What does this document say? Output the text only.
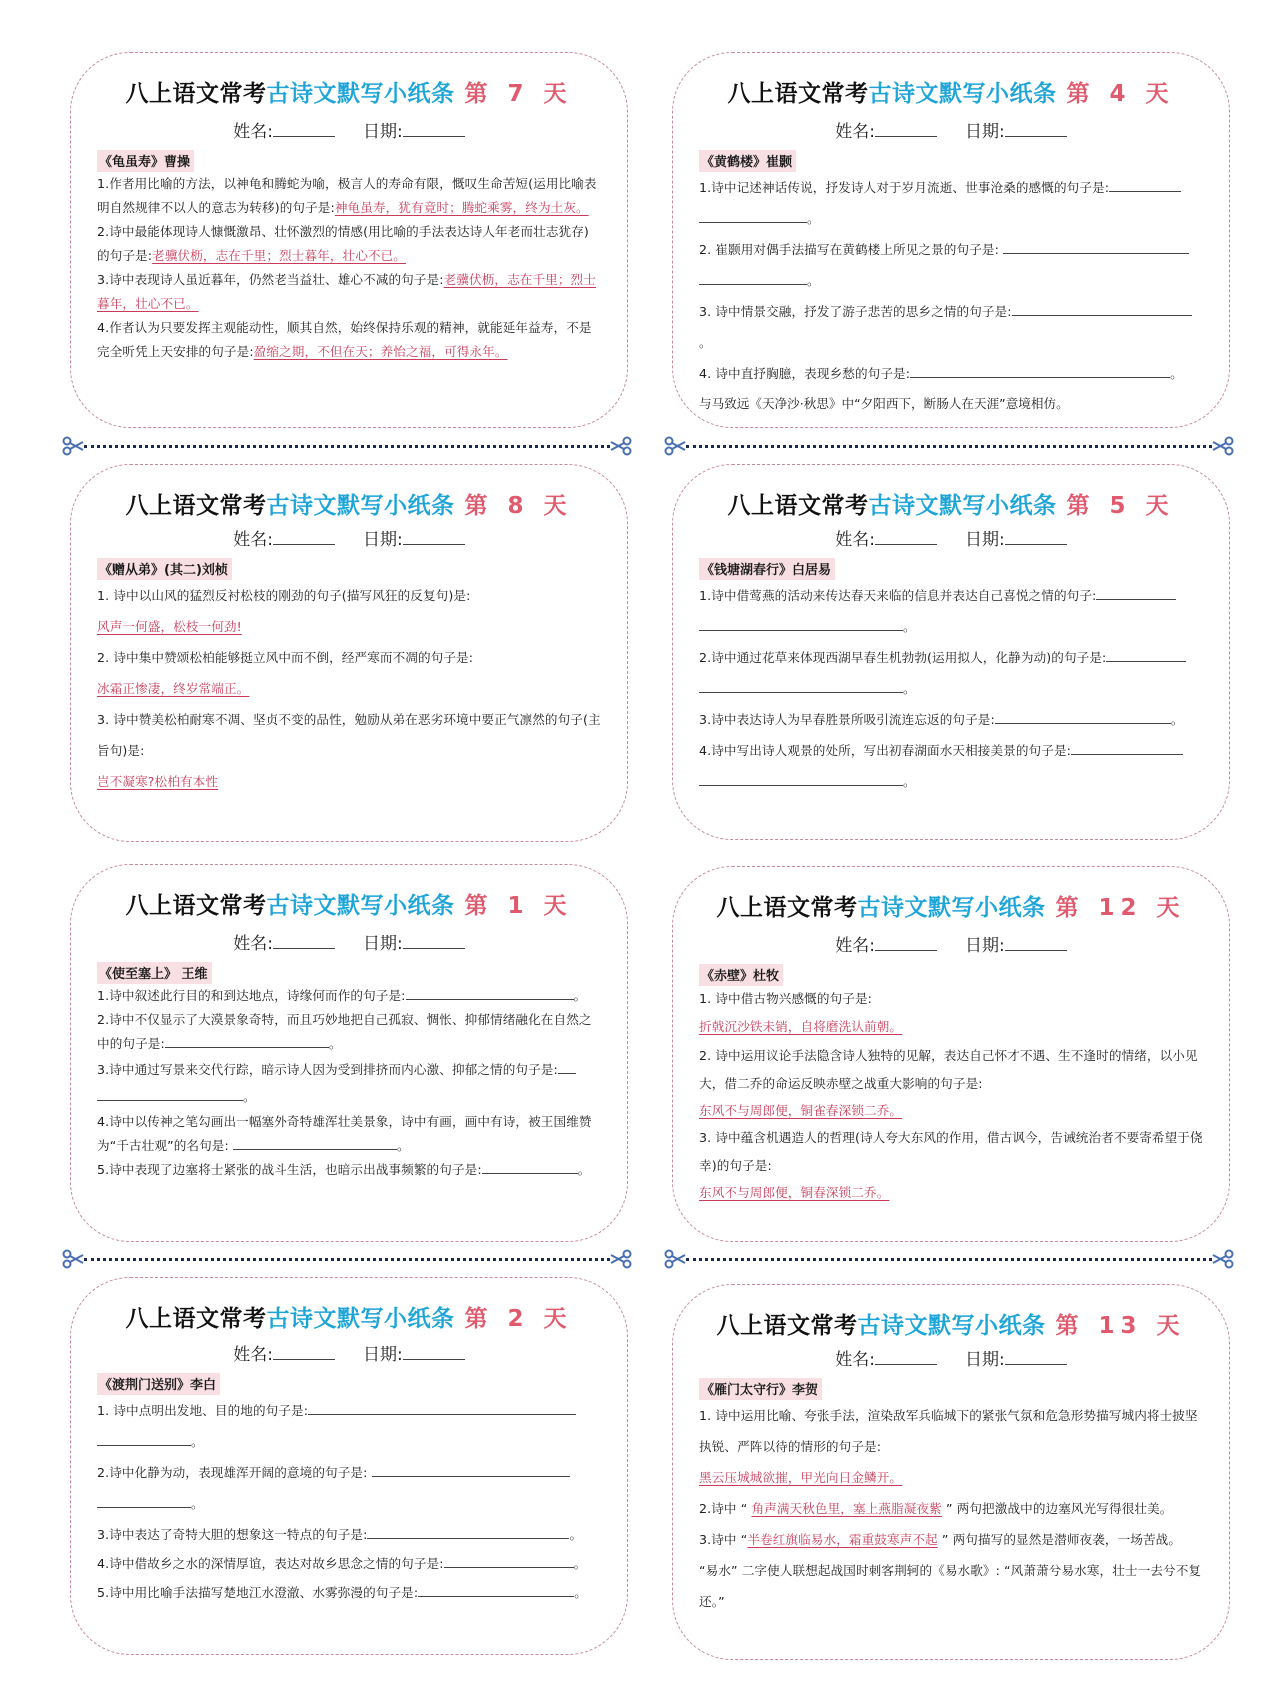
八上语文常考古诗文默写小纸条 第 7 天
姓名:	日期:
《龟虽寿》曹操
1.作者用比喻的方法，以神龟和腾蛇为喻，极言人的寿命有限，慨叹生命苦短(运用比喻表明自然规律不以人的意志为转移)的句子是:神龟虽寿，犹有竟时；腾蛇乘雾，终为土灰。
2.诗中最能体现诗人慷慨激昂、壮怀激烈的情感(用比喻的手法表达诗人年老而壮志犹存)的句子是:老骥伏枥，志在千里；烈士暮年，壮心不已。
3.诗中表现诗人虽近暮年，仍然老当益壮、雄心不减的句子是:老骥伏枥，志在千里；烈士暮年，壮心不已。
4.作者认为只要发挥主观能动性，顺其自然，始终保持乐观的精神，就能延年益寿，不是完全听凭上天安排的句子是:盈缩之期，不但在天；养怡之福，可得永年。
八上语文常考古诗文默写小纸条 第 4 天
姓名:	日期:
《黄鹤楼》崔颢
1.诗中记述神话传说，抒发诗人对于岁月流逝、世事沧桑的感慨的句子是:
。
2. 崔颢用对偶手法描写在黄鹤楼上所见之景的句子是:
。
3. 诗中情景交融，抒发了游子悲苦的思乡之情的句子是:。
4. 诗中直抒胸臆，表现乡愁的句子是:	。
与马致远《天净沙·秋思》中“夕阳西下，断肠人在天涯”意境相仿。
八上语文常考古诗文默写小纸条 第 8 天
姓名:	日期:
《赠从弟》(其二)刘桢
1. 诗中以山风的猛烈反衬松枝的刚劲的句子(描写风狂的反复句)是:
风声一何盛，松枝一何劲!
2. 诗中集中赞颂松柏能够挺立风中而不倒，经严寒而不凋的句子是:
冰霜正惨凄，终岁常端正。
3. 诗中赞美松柏耐寒不凋、坚贞不变的品性，勉励从弟在恶劣环境中要正气凛然的句子(主旨句)是:
岂不凝寒?松柏有本性
八上语文常考古诗文默写小纸条 第 5 天
姓名:	日期:
《钱塘湖春行》白居易
1.诗中借莺燕的活动来传达春天来临的信息并表达自己喜悦之情的句子:
。
2.诗中通过花草来体现西湖早春生机勃勃(运用拟人，化静为动)的句子是:
。
3.诗中表达诗人为早春胜景所吸引流连忘返的句子是:	。
4.诗中写出诗人观景的处所，写出初春湖面水天相接美景的句子是:
。
八上语文常考古诗文默写小纸条 第 1 天
姓名:	日期:
《使至塞上》 王维
1.诗中叙述此行目的和到达地点，诗缘何而作的句子是:	。
2.诗中不仅显示了大漠景象奇特，而且巧妙地把自己孤寂、惆怅、抑郁情绪融化在自然之中的句子是:	。
3.诗中通过写景来交代行踪，暗示诗人因为受到排挤而内心激、抑郁之情的句子是:
。
4.诗中以传神之笔勾画出一幅塞外奇特雄浑壮美景象，诗中有画，画中有诗，被王国维赞为“千古壮观”的名句是:	。
5.诗中表现了边塞将士紧张的战斗生活，也暗示出战事频繁的句子是:	。
八上语文常考古诗文默写小纸条 第 12 天
姓名:	日期:
《赤壁》杜牧
1. 诗中借古物兴感慨的句子是:
折戟沉沙铁未销，自将磨洗认前朝。
2. 诗中运用议论手法隐含诗人独特的见解，表达自己怀才不遇、生不逢时的情绪，以小见大，借二乔的命运反映赤壁之战重大影响的句子是:
东风不与周郎便，铜雀春深锁二乔。
3. 诗中蕴含机遇造人的哲理(诗人夸大东风的作用，借古讽今，告诫统治者不要寄希望于侥幸)的句子是:
东风不与周郎便，铜春深锁二乔。
八上语文常考古诗文默写小纸条 第 2 天
姓名:	日期:
《渡荆门送别》李白
1. 诗中点明出发地、目的地的句子是:
。
2.诗中化静为动，表现雄浑开阔的意境的句子是:
。
3.诗中表达了奇特大胆的想象这一特点的句子是:	。
4.诗中借故乡之水的深情厚谊，表达对故乡思念之情的句子是:	。
5.诗中用比喻手法描写楚地江水澄澈、水雾弥漫的句子是:	。
八上语文常考古诗文默写小纸条 第 13 天
姓名:	日期:
《雁门太守行》李贺
1. 诗中运用比喻、夸张手法，渲染敌军兵临城下的紧张气氛和危急形势描写城内将士披坚执锐、严阵以待的情形的句子是:
黑云压城城欲摧，甲光向日金鳞开。
2.诗中 “ 角声满天秋色里，塞上燕脂凝夜紫 ” 两句把激战中的边塞风光写得很壮美。
3.诗中 “半卷红旗临易水，霜重鼓寒声不起 ” 两句描写的显然是潜师夜袭，一场苦战。 “易水” 二字使人联想起战国时刺客荆轲的《易水歌》: “风萧萧兮易水寒，壮士一去兮不复还。”
